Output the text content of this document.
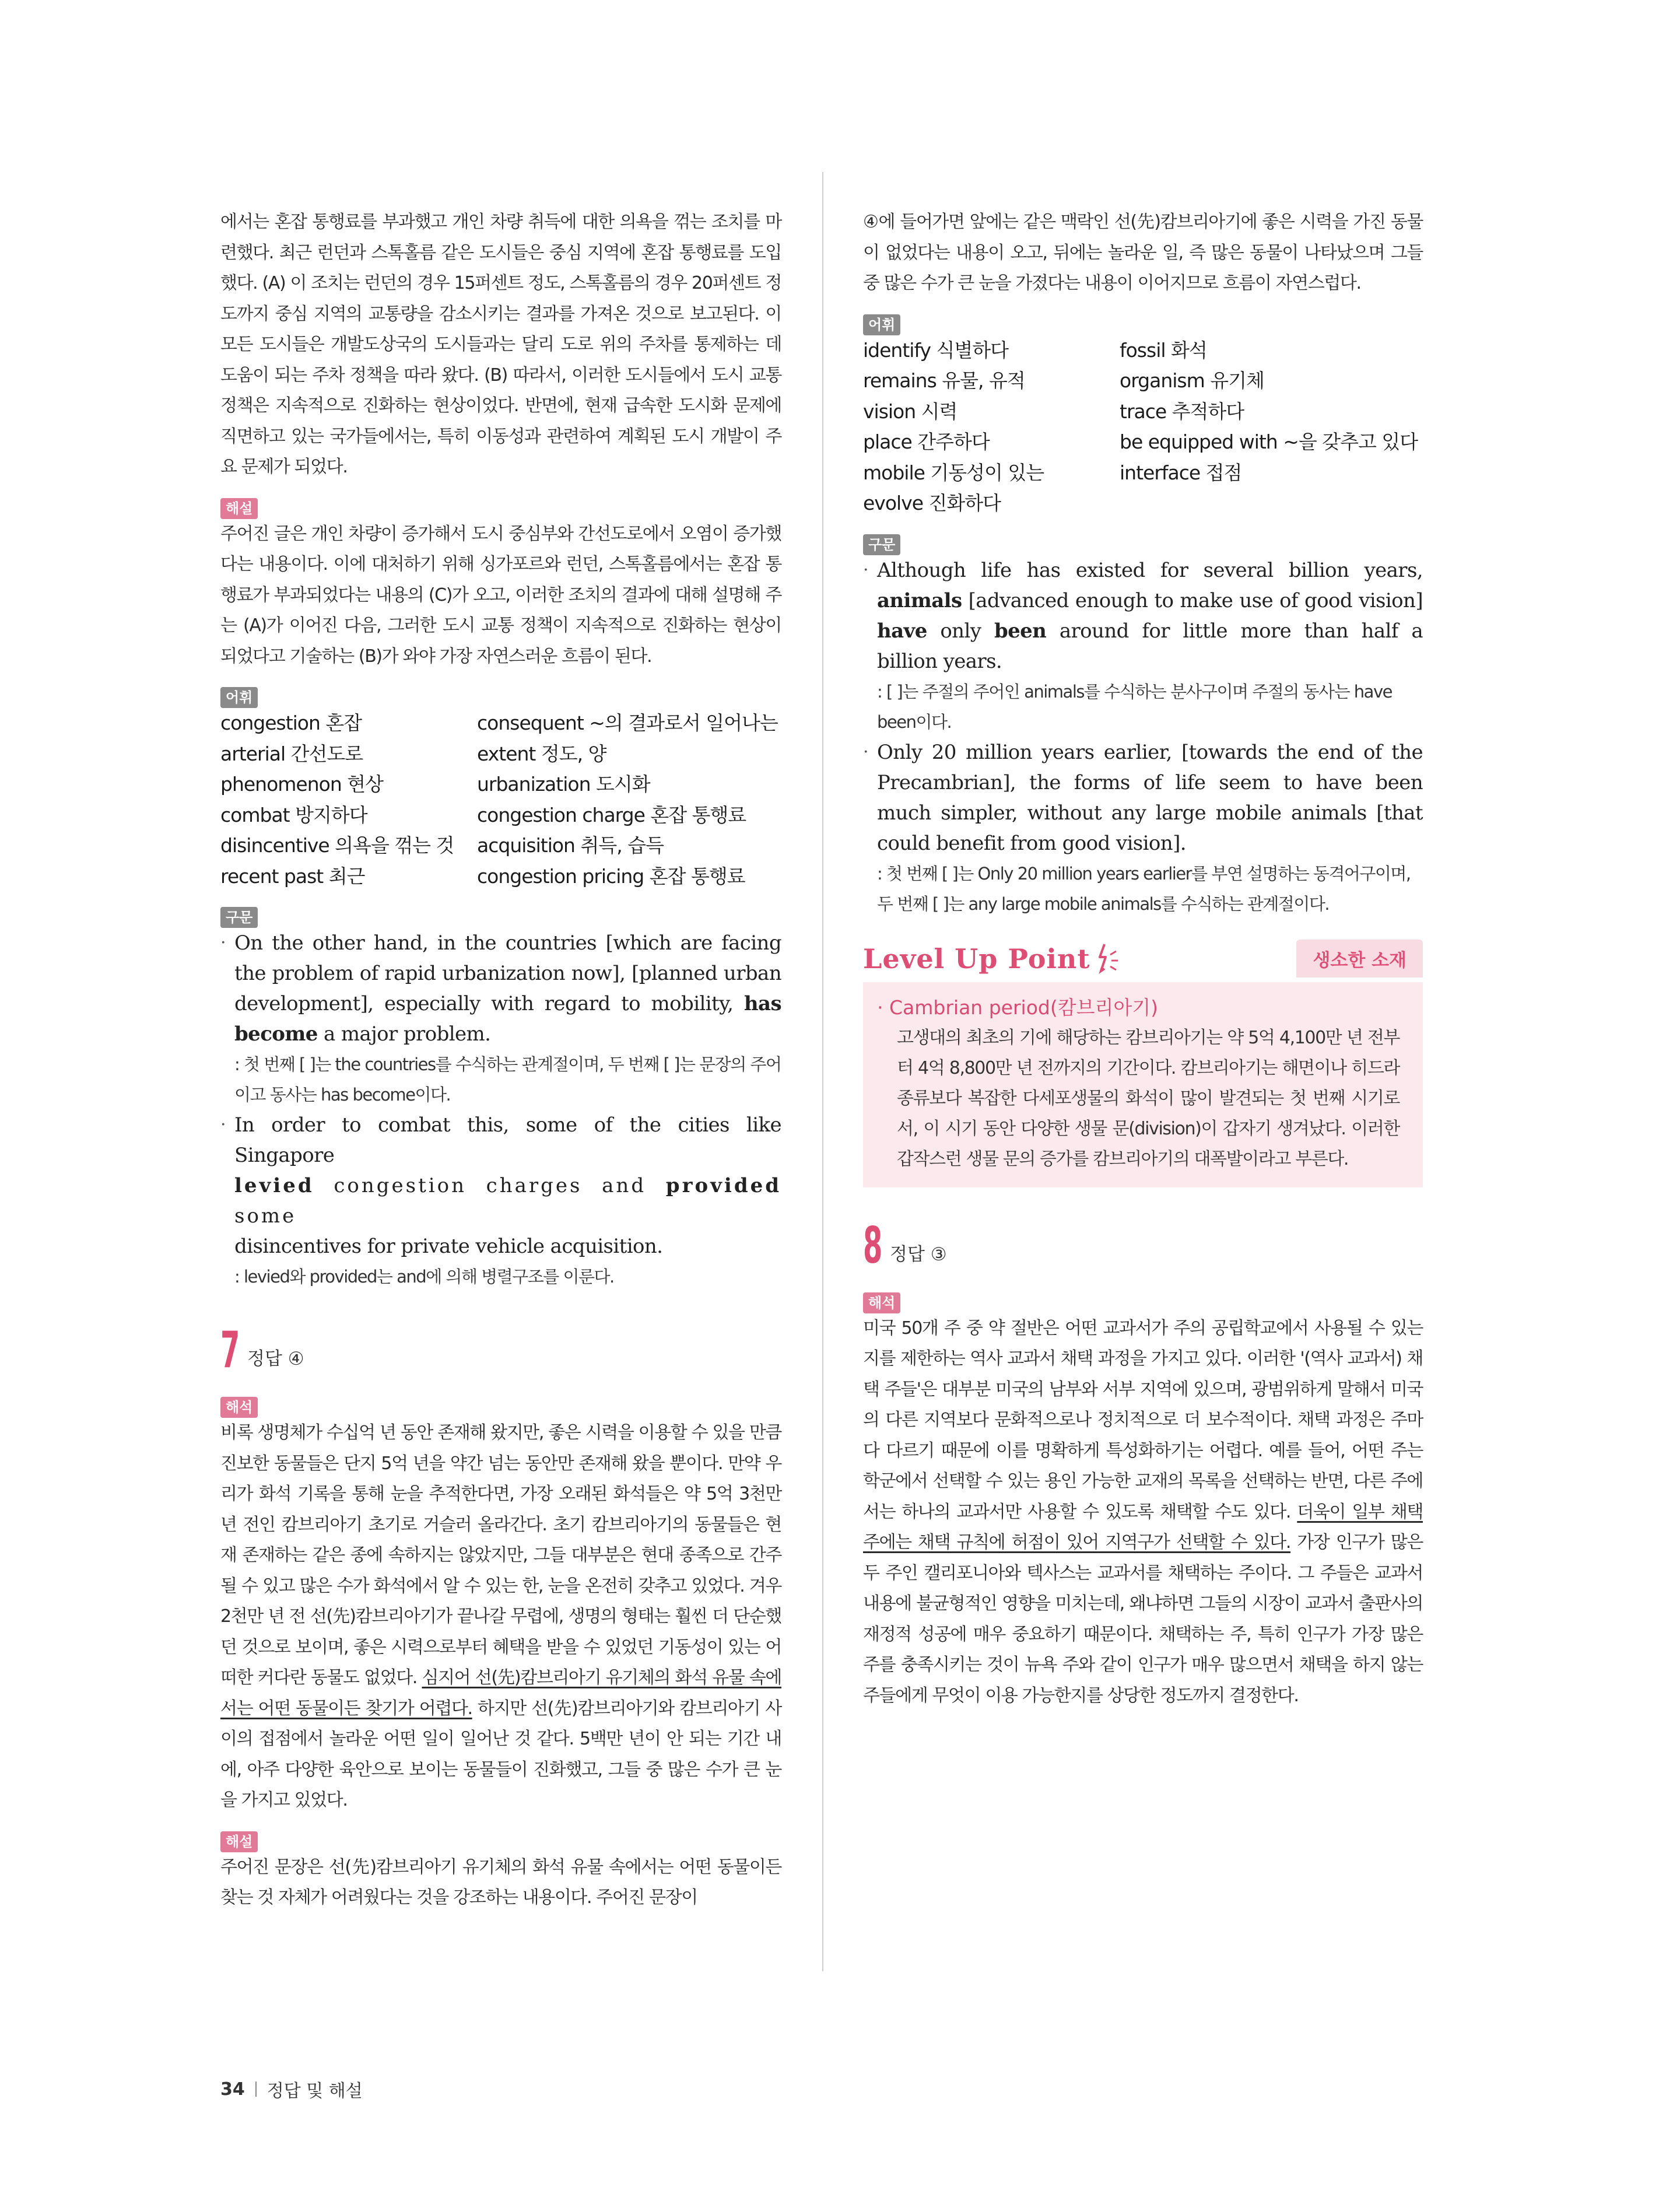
에서는 혼잡 통행료를 부과했고 개인 차량 취득에 대한 의욕을 꺾는 조치를 마련했다. 최근 런던과 스톡홀름 같은 도시들은 중심 지역에 혼잡 통행료를 도입했다. (A) 이 조치는 런던의 경우 15퍼센트 정도, 스톡홀름의 경우 20퍼센트 정도까지 중심 지역의 교통량을 감소시키는 결과를 가져온 것으로 보고된다. 이 모든 도시들은 개발도상국의 도시들과는 달리 도로 위의 주차를 통제하는 데 도움이 되는 주차 정책을 따라 왔다. (B) 따라서, 이러한 도시들에서 도시 교통 정책은 지속적으로 진화하는 현상이었다. 반면에, 현재 급속한 도시화 문제에 직면하고 있는 국가들에서는, 특히 이동성과 관련하여 계획된 도시 개발이 주요 문제가 되었다.

해설

주어진 글은 개인 차량이 증가해서 도시 중심부와 간선도로에서 오염이 증가했다는 내용이다. 이에 대처하기 위해 싱가포르와 런던, 스톡홀름에서는 혼잡 통행료가 부과되었다는 내용의 (C)가 오고, 이러한 조치의 결과에 대해 설명해 주는 (A)가 이어진 다음, 그러한 도시 교통 정책이 지속적으로 진화하는 현상이 되었다고 기술하는 (B)가 와야 가장 자연스러운 흐름이 된다.

어휘
congestion 혼잡	consequent ~의 결과로서 일어나는
arterial 간선도로	extent 정도, 양
phenomenon 현상	urbanization 도시화
combat 방지하다	congestion charge 혼잡 통행료
disincentive 의욕을 꺾는 것	acquisition 취득, 습득
recent past 최근	congestion pricing 혼잡 통행료
구문
· On the other hand, in the countries [which are facing the problem of rapid urbanization now], [planned urban development], especially with regard to mobility, has become a major problem.

: 첫 번째 [ ]는 the countries를 수식하는 관계절이며, 두 번째 [ ]는 문장의 주어이고 동사는 has become이다.

· In order to combat this, some of the cities like Singapore
levied congestion charges and provided some
disincentives for private vehicle acquisition.

: levied와 provided는 and에 의해 병렬구조를 이룬다.

7 정답 ④
해석

비록 생명체가 수십억 년 동안 존재해 왔지만, 좋은 시력을 이용할 수 있을 만큼 진보한 동물들은 단지 5억 년을 약간 넘는 동안만 존재해 왔을 뿐이다. 만약 우리가 화석 기록을 통해 눈을 추적한다면, 가장 오래된 화석들은 약 5억 3천만 년 전인 캄브리아기 초기로 거슬러 올라간다. 초기 캄브리아기의 동물들은 현재 존재하는 같은 종에 속하지는 않았지만, 그들 대부분은 현대 종족으로 간주될 수 있고 많은 수가 화석에서 알 수 있는 한, 눈을 온전히 갖추고 있었다. 겨우 2천만 년 전 선(先)캄브리아기가 끝나갈 무렵에, 생명의 형태는 훨씬 더 단순했던 것으로 보이며, 좋은 시력으로부터 혜택을 받을 수 있었던 기동성이 있는 어떠한 커다란 동물도 없었다. 심지어 선(先)캄브리아기 유기체의 화석 유물 속에서는 어떤 동물이든 찾기가 어렵다. 하지만 선(先)캄브리아기와 캄브리아기 사이의 접점에서 놀라운 어떤 일이 일어난 것 같다. 5백만 년이 안 되는 기간 내에, 아주 다양한 육안으로 보이는 동물들이 진화했고, 그들 중 많은 수가 큰 눈을 가지고 있었다.

해설

주어진 문장은 선(先)캄브리아기 유기체의 화석 유물 속에서는 어떤 동물이든 찾는 것 자체가 어려웠다는 것을 강조하는 내용이다. 주어진 문장이

④에 들어가면 앞에는 같은 맥락인 선(先)캄브리아기에 좋은 시력을 가진 동물이 없었다는 내용이 오고, 뒤에는 놀라운 일, 즉 많은 동물이 나타났으며 그들 중 많은 수가 큰 눈을 가졌다는 내용이 이어지므로 흐름이 자연스럽다.

어휘
identify 식별하다	fossil 화석
remains 유물, 유적	organism 유기체
vision 시력	trace 추적하다
place 간주하다	be equipped with ~을 갖추고 있다
mobile 기동성이 있는	interface 접점
evolve 진화하다
구문
· Although life has existed for several billion years, animals [advanced enough to make use of good vision] have only been around for little more than half a billion years.

: [ ]는 주절의 주어인 animals를 수식하는 분사구이며 주절의 동사는 have been이다.

· Only 20 million years earlier, [towards the end of the Precambrian], the forms of life seem to have been much simpler, without any large mobile animals [that could benefit from good vision].

: 첫 번째 [ ]는 Only 20 million years earlier를 부연 설명하는 동격어구이며, 두 번째 [ ]는 any large mobile animals를 수식하는 관계절이다.

Level Up Point	생소한 소재
· Cambrian period(캄브리아기)

고생대의 최초의 기에 해당하는 캄브리아기는 약 5억 4,100만 년 전부터 4억 8,800만 년 전까지의 기간이다. 캄브리아기는 해면이나 히드라 종류보다 복잡한 다세포생물의 화석이 많이 발견되는 첫 번째 시기로서, 이 시기 동안 다양한 생물 문(division)이 갑자기 생겨났다. 이러한 갑작스런 생물 문의 증가를 캄브리아기의 대폭발이라고 부른다.

8 정답 ③
해석

미국 50개 주 중 약 절반은 어떤 교과서가 주의 공립학교에서 사용될 수 있는지를 제한하는 역사 교과서 채택 과정을 가지고 있다. 이러한 '(역사 교과서) 채택 주들'은 대부분 미국의 남부와 서부 지역에 있으며, 광범위하게 말해서 미국의 다른 지역보다 문화적으로나 정치적으로 더 보수적이다. 채택 과정은 주마다 다르기 때문에 이를 명확하게 특성화하기는 어렵다. 예를 들어, 어떤 주는 학군에서 선택할 수 있는 용인 가능한 교재의 목록을 선택하는 반면, 다른 주에서는 하나의 교과서만 사용할 수 있도록 채택할 수도 있다. 더욱이 일부 채택 주에는 채택 규칙에 허점이 있어 지역구가 선택할 수 있다. 가장 인구가 많은 두 주인 캘리포니아와 텍사스는 교과서를 채택하는 주이다. 그 주들은 교과서 내용에 불균형적인 영향을 미치는데, 왜냐하면 그들의 시장이 교과서 출판사의 재정적 성공에 매우 중요하기 때문이다. 채택하는 주, 특히 인구가 가장 많은 주를 충족시키는 것이 뉴욕 주와 같이 인구가 매우 많으면서 채택을 하지 않는 주들에게 무엇이 이용 가능한지를 상당한 정도까지 결정한다.

34 정답 및 해설
